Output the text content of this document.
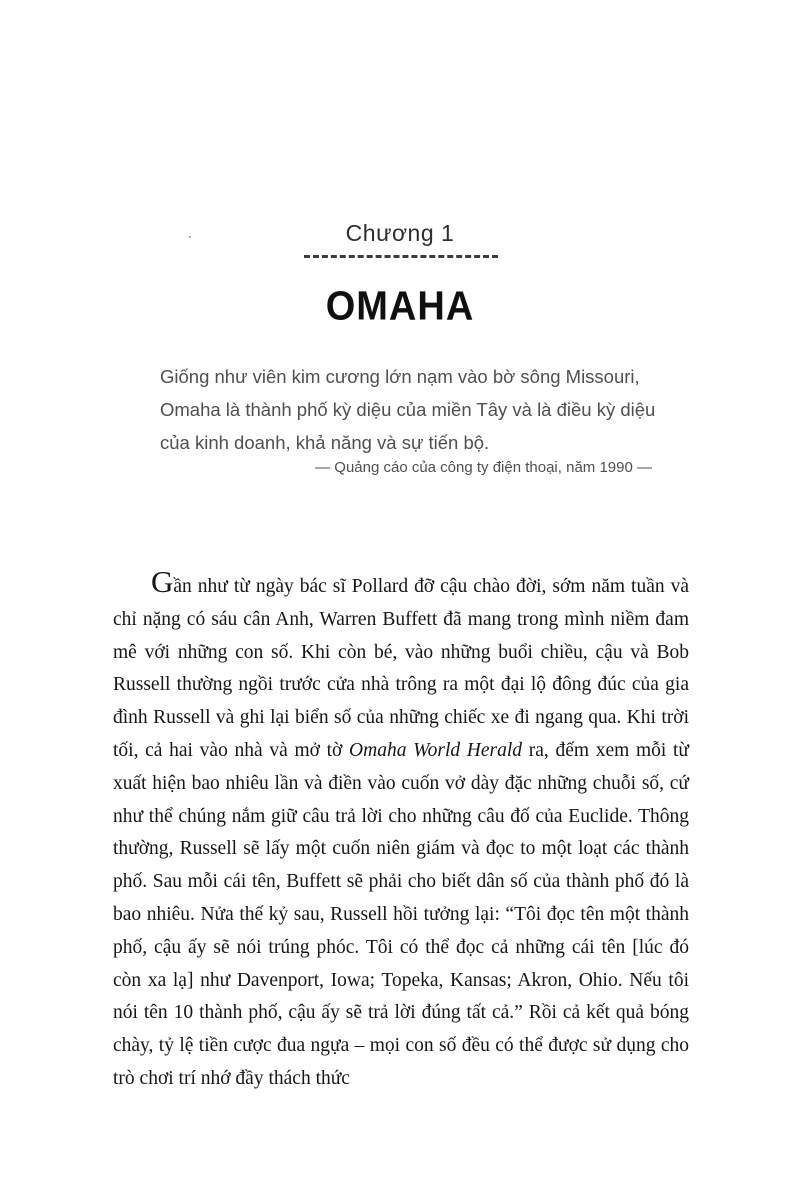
Chương 1
OMAHA
Giống như viên kim cương lớn nạm vào bờ sông Missouri, Omaha là thành phố kỳ diệu của miền Tây và là điều kỳ diệu của kinh doanh, khả năng và sự tiến bộ.
— Quảng cáo của công ty điện thoại, năm 1990 —

Gần như từ ngày bác sĩ Pollard đỡ cậu chào đời, sớm năm tuần và chỉ nặng có sáu cân Anh, Warren Buffett đã mang trong mình niềm đam mê với những con số. Khi còn bé, vào những buổi chiều, cậu và Bob Russell thường ngồi trước cửa nhà trông ra một đại lộ đông đúc của gia đình Russell và ghi lại biển số của những chiếc xe đi ngang qua. Khi trời tối, cả hai vào nhà và mở tờ Omaha World Herald ra, đếm xem mỗi từ xuất hiện bao nhiêu lần và điền vào cuốn vở dày đặc những chuỗi số, cứ như thể chúng nắm giữ câu trả lời cho những câu đố của Euclide. Thông thường, Russell sẽ lấy một cuốn niên giám và đọc to một loạt các thành phố. Sau mỗi cái tên, Buffett sẽ phải cho biết dân số của thành phố đó là bao nhiêu. Nửa thế kỷ sau, Russell hồi tưởng lại: “Tôi đọc tên một thành phố, cậu ấy sẽ nói trúng phóc. Tôi có thể đọc cả những cái tên [lúc đó còn xa lạ] như Davenport, Iowa; Topeka, Kansas; Akron, Ohio. Nếu tôi nói tên 10 thành phố, cậu ấy sẽ trả lời đúng tất cả.” Rồi cả kết quả bóng chày, tỷ lệ tiền cược đua ngựa – mọi con số đều có thể được sử dụng cho trò chơi trí nhớ đầy thách thức
